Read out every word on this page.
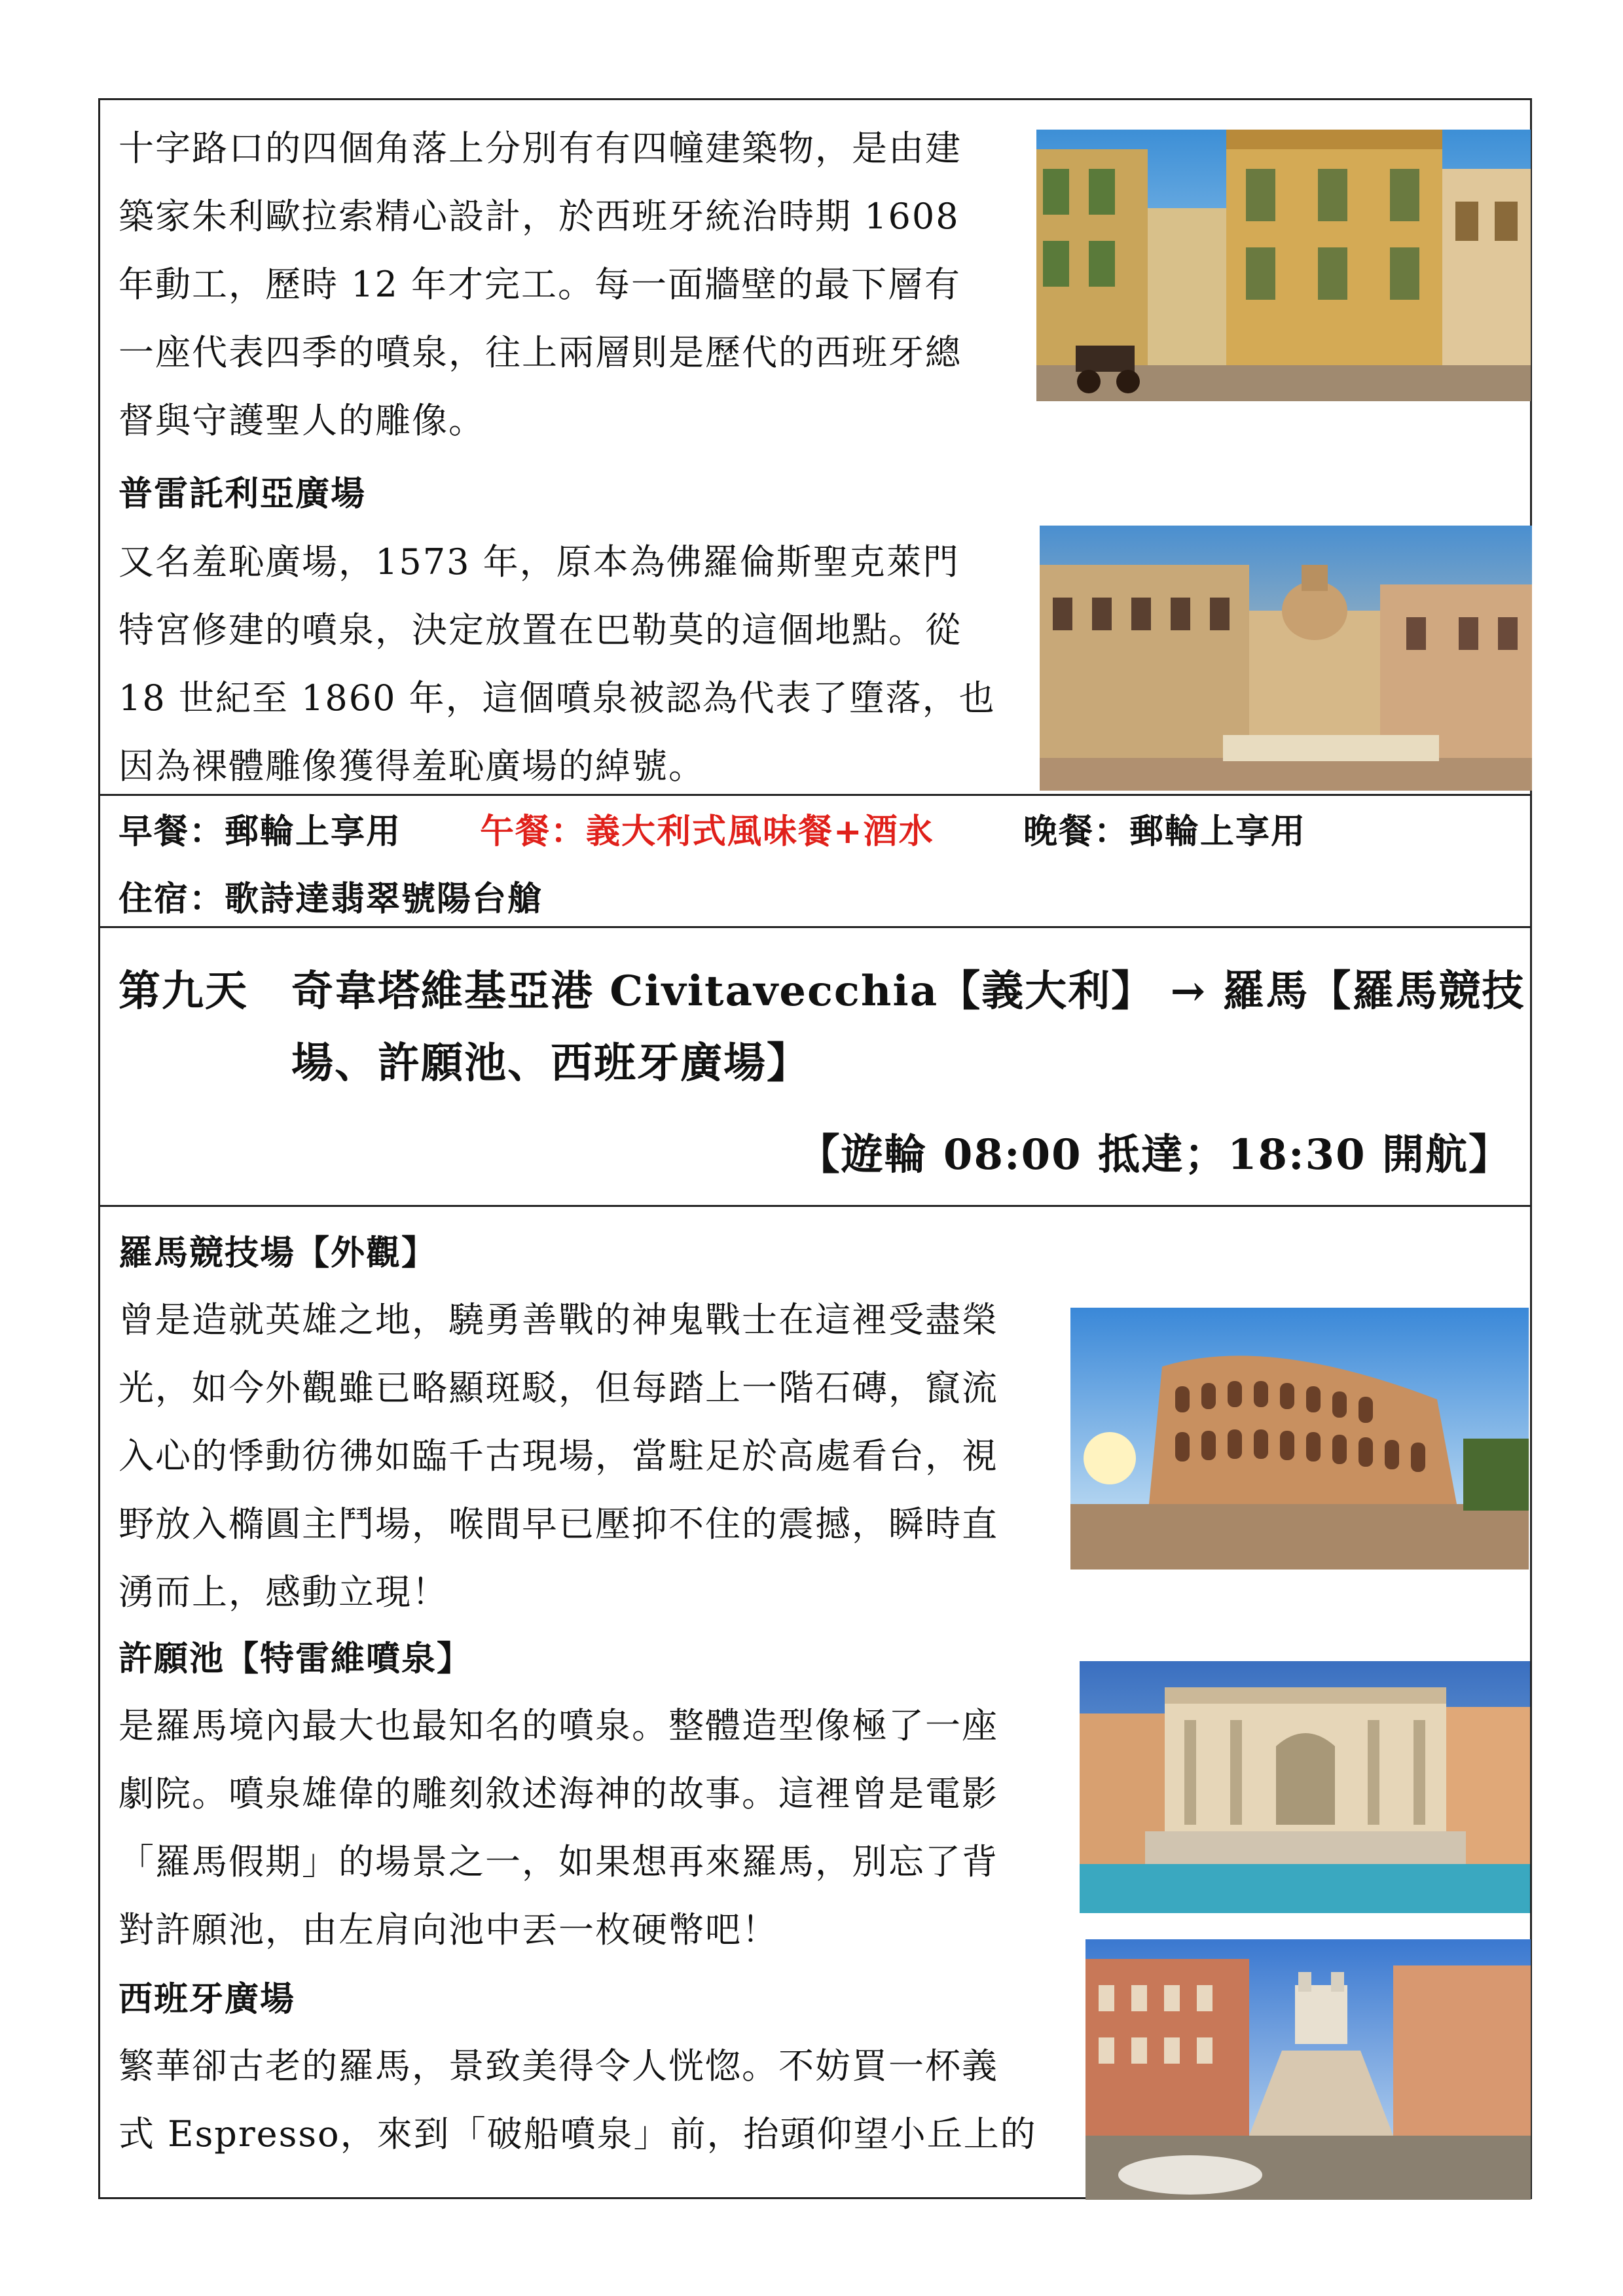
十字路口的四個角落上分別有有四幢建築物，是由建
築家朱利歐拉索精心設計，於西班牙統治時期 1608
年動工，歷時 12 年才完工。每一面牆壁的最下層有
一座代表四季的噴泉，往上兩層則是歷代的西班牙總
督與守護聖人的雕像。
普雷託利亞廣場
又名羞恥廣場，1573 年，原本為佛羅倫斯聖克萊門
特宮修建的噴泉，決定放置在巴勒莫的這個地點。從
18 世紀至 1860 年，這個噴泉被認為代表了墮落，也
因為裸體雕像獲得羞恥廣場的綽號。
早餐：郵輪上享用 午餐：義大利式風味餐+酒水	晚餐：郵輪上享用
住宿：歌詩達翡翠號陽台艙
第九天 奇韋塔維基亞港 Civitavecchia【義大利】 → 羅馬【羅馬競技
場、許願池、西班牙廣場】
【遊輪 08:00 抵達；18:30 開航】
羅馬競技場【外觀】
曾是造就英雄之地，驍勇善戰的神鬼戰士在這裡受盡榮
光，如今外觀雖已略顯斑駁，但每踏上一階石磚，竄流
入心的悸動彷彿如臨千古現場，當駐足於高處看台，視
野放入橢圓主鬥場，喉間早已壓抑不住的震撼，瞬時直
湧而上，感動立現！
許願池【特雷維噴泉】
是羅馬境內最大也最知名的噴泉。整體造型像極了一座
劇院。噴泉雄偉的雕刻敘述海神的故事。這裡曾是電影
「羅馬假期」的場景之一，如果想再來羅馬，別忘了背
對許願池，由左肩向池中丟一枚硬幣吧！
西班牙廣場
繁華卻古老的羅馬，景致美得令人恍惚。不妨買一杯義
式 Espresso，來到「破船噴泉」前，抬頭仰望小丘上的
